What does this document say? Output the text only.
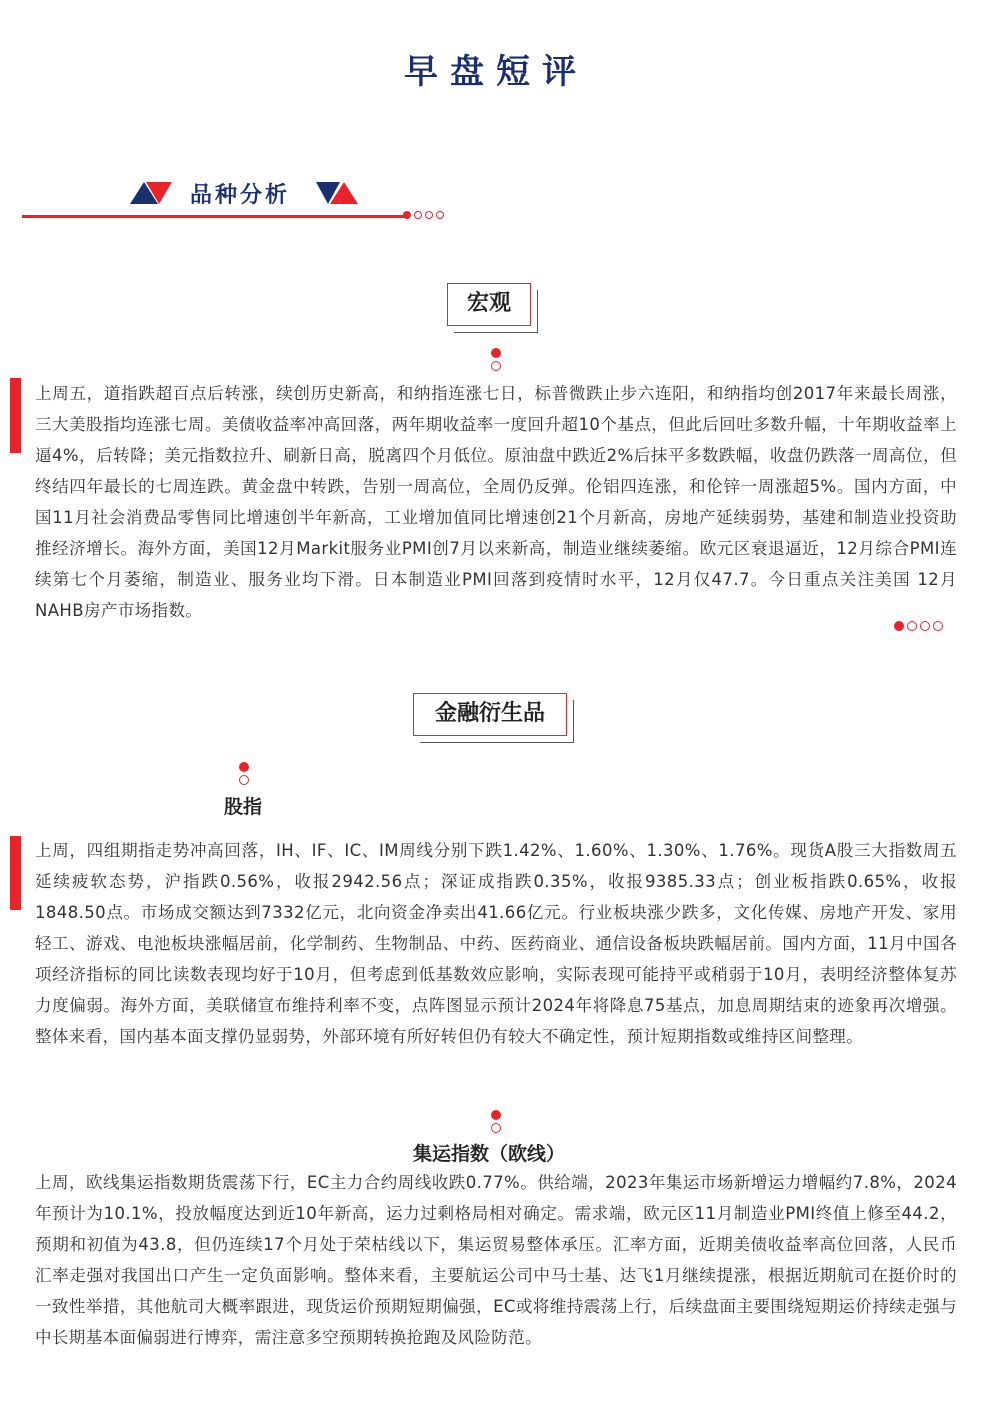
早盘短评
品种分析
宏观
上周五，道指跌超百点后转涨，续创历史新高，和纳指连涨七日，标普微跌止步六连阳，和纳指均创2017年来最长周涨，三大美股指均连涨七周。美债收益率冲高回落，两年期收益率一度回升超10个基点，但此后回吐多数升幅，十年期收益率上逼4%，后转降；美元指数拉升、刷新日高，脱离四个月低位。原油盘中跌近2%后抹平多数跌幅，收盘仍跌落一周高位，但终结四年最长的七周连跌。黄金盘中转跌，告别一周高位，全周仍反弹。伦铝四连涨，和伦锌一周涨超5%。国内方面，中国11月社会消费品零售同比增速创半年新高，工业增加值同比增速创21个月新高，房地产延续弱势，基建和制造业投资助推经济增长。海外方面，美国12月Markit服务业PMI创7月以来新高，制造业继续萎缩。欧元区衰退逼近，12月综合PMI连续第七个月萎缩，制造业、服务业均下滑。日本制造业PMI回落到疫情时水平，12月仅47.7。今日重点关注美国 12月NAHB房产市场指数。
金融衍生品
股指
上周，四组期指走势冲高回落，IH、IF、IC、IM周线分别下跌1.42%、1.60%、1.30%、1.76%。现货A股三大指数周五延续疲软态势，沪指跌0.56%，收报2942.56点；深证成指跌0.35%，收报9385.33点；创业板指跌0.65%，收报1848.50点。市场成交额达到7332亿元，北向资金净卖出41.66亿元。行业板块涨少跌多，文化传媒、房地产开发、家用轻工、游戏、电池板块涨幅居前，化学制药、生物制品、中药、医药商业、通信设备板块跌幅居前。国内方面，11月中国各项经济指标的同比读数表现均好于10月，但考虑到低基数效应影响，实际表现可能持平或稍弱于10月，表明经济整体复苏力度偏弱。海外方面，美联储宣布维持利率不变，点阵图显示预计2024年将降息75基点，加息周期结束的迹象再次增强。整体来看，国内基本面支撑仍显弱势，外部环境有所好转但仍有较大不确定性，预计短期指数或维持区间整理。
集运指数（欧线）
上周，欧线集运指数期货震荡下行，EC主力合约周线收跌0.77%。供给端，2023年集运市场新增运力增幅约7.8%，2024年预计为10.1%，投放幅度达到近10年新高，运力过剩格局相对确定。需求端，欧元区11月制造业PMI终值上修至44.2，预期和初值为43.8，但仍连续17个月处于荣枯线以下，集运贸易整体承压。汇率方面，近期美债收益率高位回落，人民币汇率走强对我国出口产生一定负面影响。整体来看，主要航运公司中马士基、达飞1月继续提涨，根据近期航司在挺价时的一致性举措，其他航司大概率跟进，现货运价预期短期偏强，EC或将维持震荡上行，后续盘面主要围绕短期运价持续走强与中长期基本面偏弱进行博弈，需注意多空预期转换抢跑及风险防范。
